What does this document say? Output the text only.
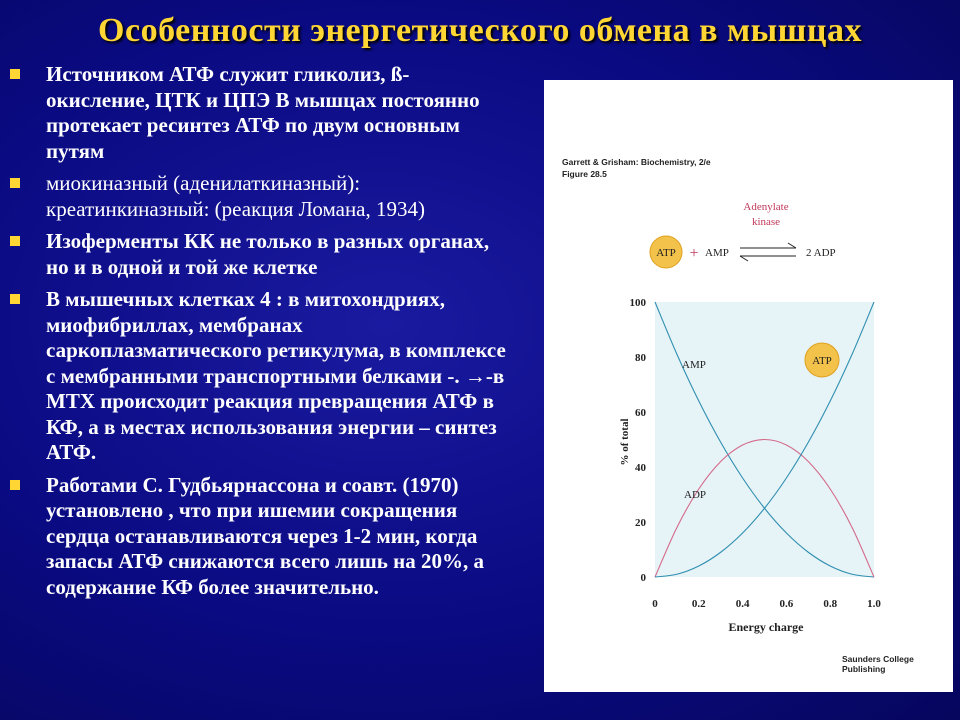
Особенности энергетического обмена в мышцах
Источником АТФ служит гликолиз, ß- окисление, ЦТК и ЦПЭ В мышцах постоянно протекает ресинтез АТФ по двум основным путям
миокиназный (аденилаткиназный): креатинкиназный: (реакция Ломана, 1934)
Изоферменты КК не только в разных органах, но и в одной и той же клетке
В мышечных клетках 4 : в митохондриях, миофибриллах, мембранах саркоплазматического ретикулума, в комплексе с мембранными транспортными белками -. →-в МТХ происходит реакция превращения АТФ в КФ, а в местах использования энергии – синтез АТФ.
Работами С. Гудбьярнассона и соавт. (1970) установлено , что при ишемии сокращения сердца останавливаются через 1-2 мин, когда запасы АТФ снижаются всего лишь на 20%, а содержание КФ более значительно.
Garrett & Grisham: Biochemistry, 2/e
Figure 28.5
ATP + AMP
Adenylate
kinase
2 ADP
0
20
40
60
80
100
0	0.2	0.4	0.6	0.8	1.0
% of total
Energy charge
AMP
ADP
ATP
Saunders College Publishing
